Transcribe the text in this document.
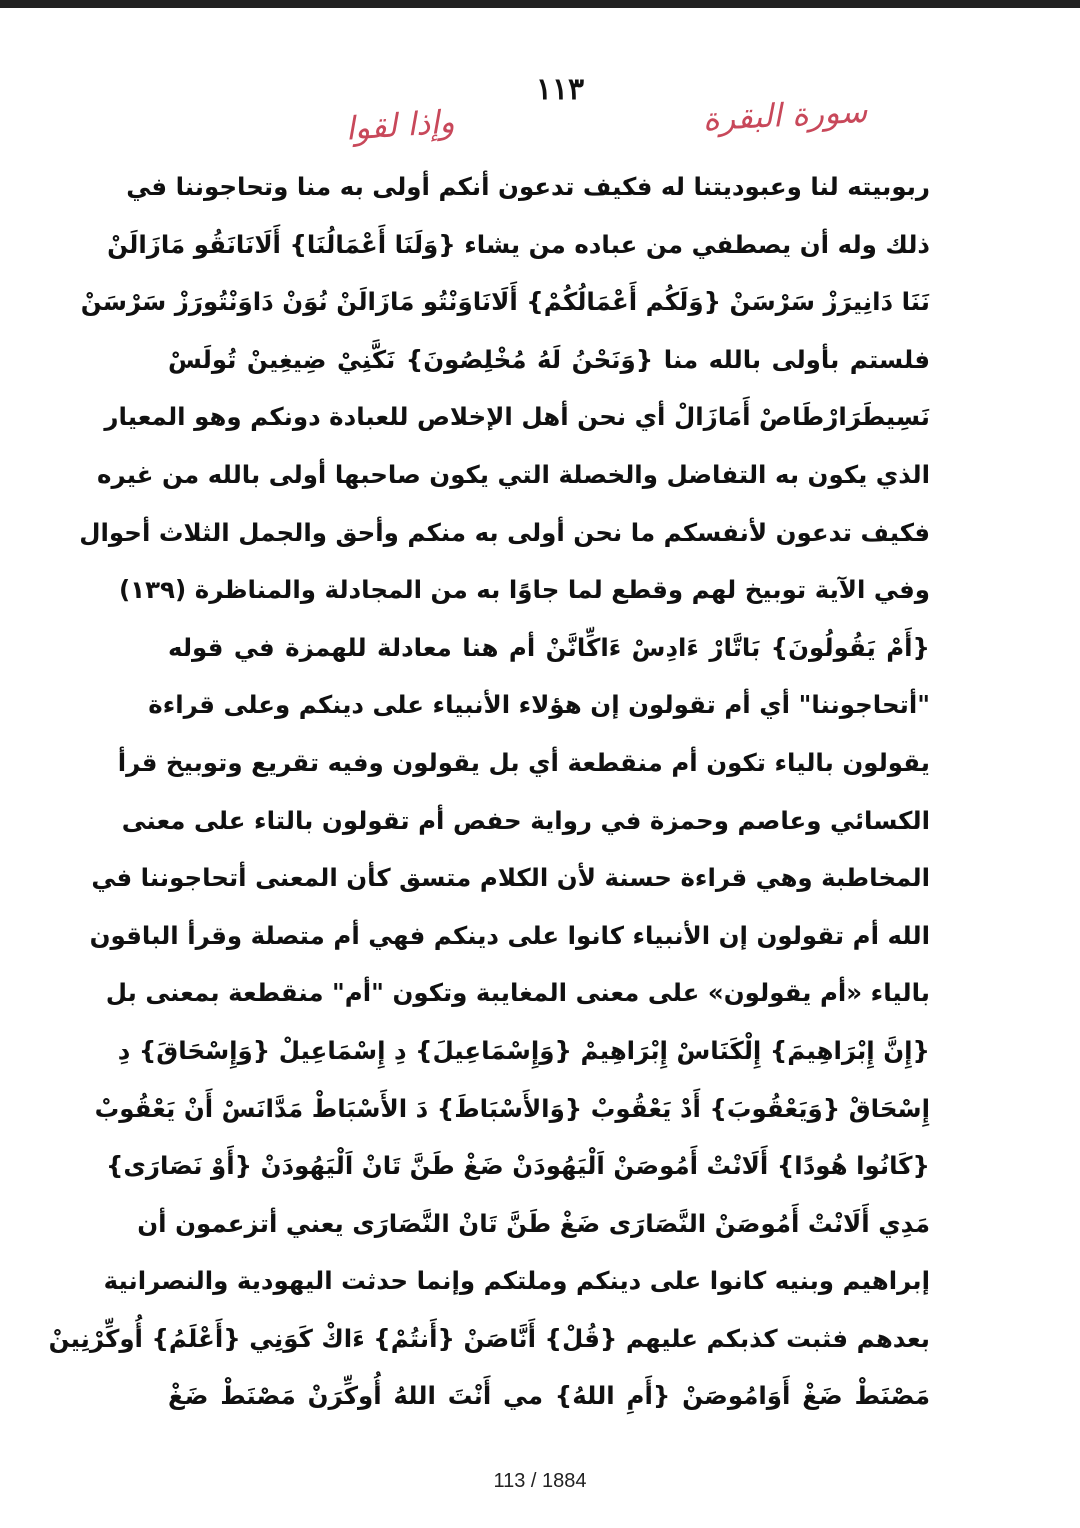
١١٣
سورة البقرة
وإذا لقوا
ربوبيته لنا وعبوديتنا له فكيف تدعون أنكم أولى به منا وتحاجوننا في
ذلك وله أن يصطفي من عباده من يشاء {وَلَنَا أَعْمَالُنَا} أَلَانَانَقُو مَازَالَنْ
نَنَا دَانِيرَزْ سَرْسَنْ {وَلَكُم أَعْمَالُكُمْ} أَلَانَاوَنْتُو مَازَالَنْ نُوَنْ دَاوَنْتُورَزْ سَرْسَنْ
فلستم بأولى بالله منا {وَنَحْنُ لَهُ مُخْلِصُونَ} نَكَّنِيْ ضِيغِينْ تُولَسْ
نَسِيطَرَارْطَاصْ أَمَازَالْ أي نحن أهل الإخلاص للعبادة دونكم وهو المعيار
الذي يكون به التفاضل والخصلة التي يكون صاحبها أولى بالله من غيره
فكيف تدعون لأنفسكم ما نحن أولى به منكم وأحق والجمل الثلاث أحوال
وفي الآية توبيخ لهم وقطع لما جاوًا به من المجادلة والمناظرة (١٣٩)
{أَمْ يَقُولُونَ} بَاتَّارْ ءَادِسْ ءَاكِّانَّنْ أم هنا معادلة للهمزة في قوله
"أتحاجوننا" أي أم تقولون إن هؤلاء الأنبياء على دينكم وعلى قراءة
يقولون بالياء تكون أم منقطعة أي بل يقولون وفيه تقريع وتوبيخ قرأ
الكسائي وعاصم وحمزة في رواية حفص أم تقولون بالتاء على معنى
المخاطبة وهي قراءة حسنة لأن الكلام متسق كأن المعنى أتحاجوننا في
الله أم تقولون إن الأنبياء كانوا على دينكم فهي أم متصلة وقرأ الباقون
بالياء «أم يقولون» على معنى المغايبة وتكون "أم" منقطعة بمعنى بل
{إِنَّ إِبْرَاهِيمَ} إِلْكَنَاسْ إِبْرَاهِيمْ {وَإِسْمَاعِيلَ} دِ إِسْمَاعِيلْ {وَإِسْحَاقَ} دِ
إِسْحَاقْ {وَيَعْقُوبَ} أَدْ يَعْقُوبْ {وَالأَسْبَاطَ} دَ الأَسْبَاطْ مَدَّانَسْ أَنْ يَعْقُوبْ
{كَانُوا هُودًا} أَلَانْتْ أَمُوصَنْ اَلْيَهُودَنْ ضَغْ طَنَّ تَانْ اَلْيَهُودَنْ {أَوْ نَصَارَى}
مَدِي أَلَانْتْ أَمُوصَنْ النَّصَارَى ضَغْ طَنَّ تَانْ النَّصَارَى يعني أتزعمون أن
إبراهيم وبنيه كانوا على دينكم وملتكم وإنما حدثت اليهودية والنصرانية
بعدهم فثبت كذبكم عليهم {قُلْ} أَنَّاصَنْ {أَنتُمْ} ءَاكْ كَوَنِي {أَعْلَمُ} أُوكِّرْنِينْ
مَصْنَطْ ضَغْ أَوَامُوصَنْ {أَمِ اللهُ} مي أَنْتَ اللهُ أُوكِّرَنْ مَصْنَطْ ضَغْ
113 / 1884
